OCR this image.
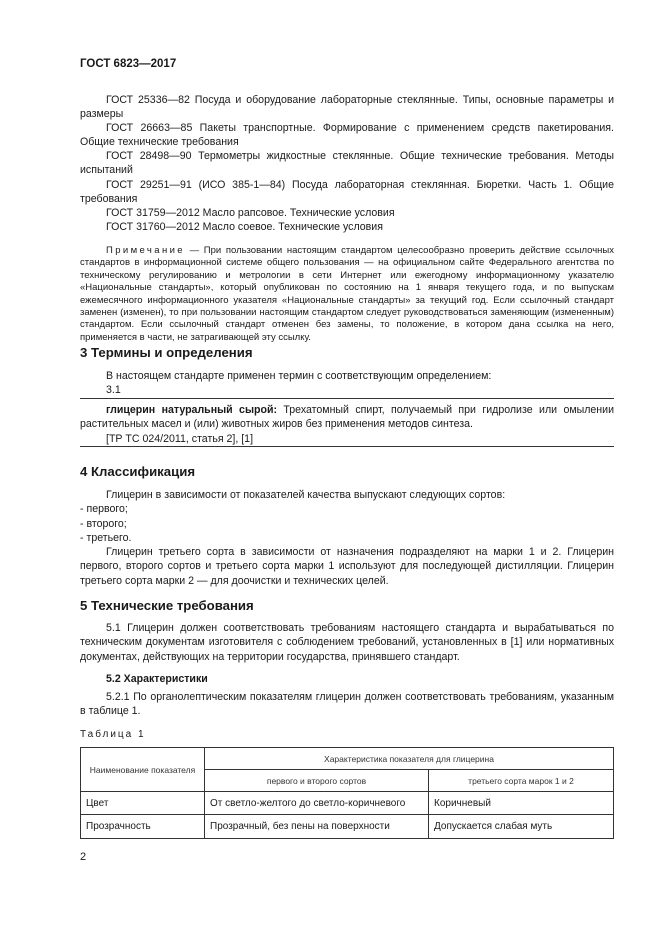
ГОСТ 6823—2017

ГОСТ 25336—82 Посуда и оборудование лабораторные стеклянные. Типы, основные параметры и размеры

ГОСТ 26663—85 Пакеты транспортные. Формирование с применением средств пакетирования. Общие технические требования

ГОСТ 28498—90 Термометры жидкостные стеклянные. Общие технические требования. Методы испытаний

ГОСТ 29251—91 (ИСО 385-1—84) Посуда лабораторная стеклянная. Бюретки. Часть 1. Общие требования

ГОСТ 31759—2012 Масло рапсовое. Технические условия

ГОСТ 31760—2012 Масло соевое. Технические условия

Примечание — При пользовании настоящим стандартом целесообразно проверить действие ссылочных стандартов в информационной системе общего пользования — на официальном сайте Федерального агентства по техническому регулированию и метрологии в сети Интернет или ежегодному информационному указателю «Национальные стандарты», который опубликован по состоянию на 1 января текущего года, и по выпускам ежемесячного информационного указателя «Национальные стандарты» за текущий год. Если ссылочный стандарт заменен (изменен), то при пользовании настоящим стандартом следует руководствоваться заменяющим (измененным) стандартом. Если ссылочный стандарт отменен без замены, то положение, в котором дана ссылка на него, применяется в части, не затрагивающей эту ссылку.
3 Термины и определения

В настоящем стандарте применен термин с соответствующим определением:

3.1

глицерин натуральный сырой: Трехатомный спирт, получаемый при гидролизе или омылении растительных масел и (или) животных жиров без применения методов синтеза.

[ТР ТС 024/2011, статья 2], [1]

4 Классификация

Глицерин в зависимости от показателей качества выпускают следующих сортов:

- первого;

- второго;

- третьего.

Глицерин третьего сорта в зависимости от назначения подразделяют на марки 1 и 2. Глицерин первого, второго сортов и третьего сорта марки 1 используют для последующей дистилляции. Глицерин третьего сорта марки 2 — для доочистки и технических целей.

5 Технические требования

5.1 Глицерин должен соответствовать требованиям настоящего стандарта и вырабатываться по техническим документам изготовителя с соблюдением требований, установленных в [1] или нормативных документах, действующих на территории государства, принявшего стандарт.

5.2 Характеристики

5.2.1 По органолептическим показателям глицерин должен соответствовать требованиям, указанным в таблице 1.

Таблица 1
Наименование показателя	Характеристика показателя для глицерина	
	первого и второго сортов	третьего сорта марок 1 и 2
Цвет	От светло-желтого до светло-коричневого	Коричневый
Прозрачность	Прозрачный, без пены на поверхности	Допускается слабая муть
2
